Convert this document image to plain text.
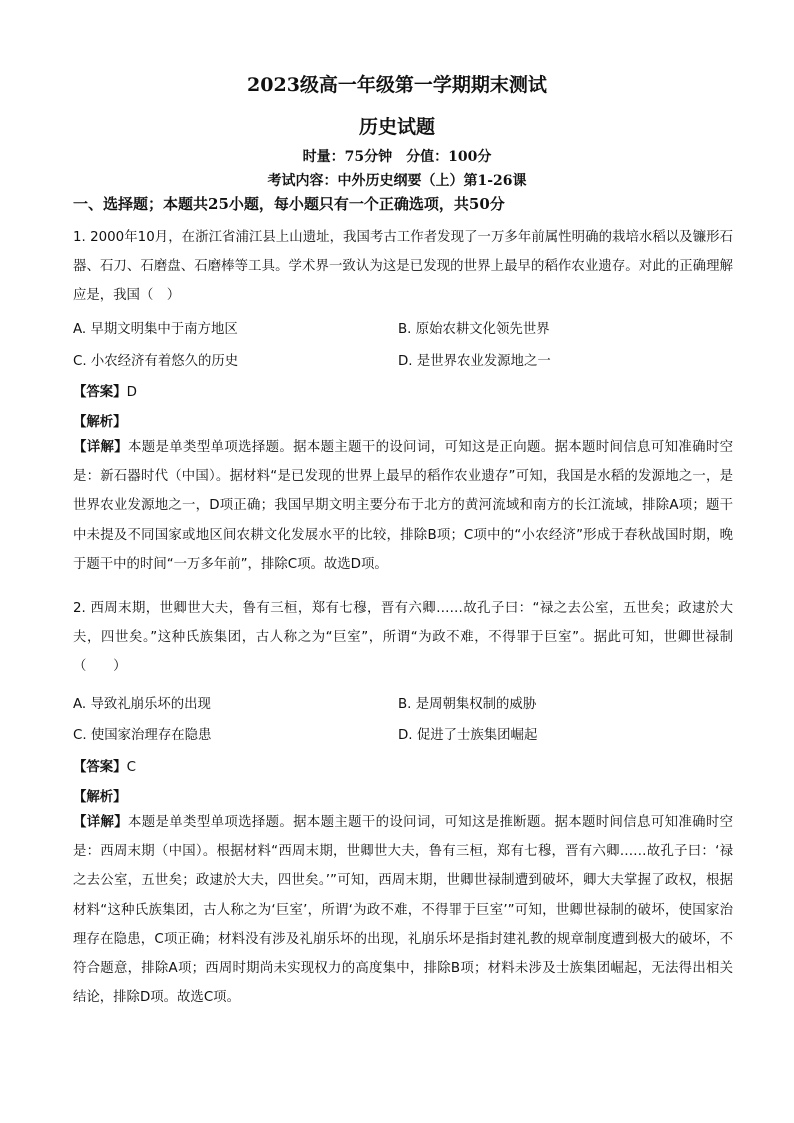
2023级高一年级第一学期期末测试
历史试题
时量：75分钟　分值：100分
考试内容：中外历史纲要（上）第1-26课
一、选择题；本题共25小题，每小题只有一个正确选项，共50分

1. 2000年10月，在浙江省浦江县上山遗址，我国考古工作者发现了一万多年前属性明确的栽培水稻以及镰形石器、石刀、石磨盘、石磨棒等工具。学术界一致认为这是已发现的世界上最早的稻作农业遗存。对此的正确理解应是，我国（　）

A. 早期文明集中于南方地区	B. 原始农耕文化领先世界
C. 小农经济有着悠久的历史	D. 是世界农业发源地之一
【答案】D
【解析】

【详解】本题是单类型单项选择题。据本题主题干的设问词，可知这是正向题。据本题时间信息可知准确时空是：新石器时代（中国）。据材料“是已发现的世界上最早的稻作农业遗存”可知，我国是水稻的发源地之一，是世界农业发源地之一，D项正确；我国早期文明主要分布于北方的黄河流域和南方的长江流域，排除A项；题干中未提及不同国家或地区间农耕文化发展水平的比较，排除B项；C项中的“小农经济”形成于春秋战国时期，晚于题干中的时间“一万多年前”，排除C项。故选D项。

2. 西周末期，世卿世大夫，鲁有三桓，郑有七穆，晋有六卿……故孔子曰：“禄之去公室，五世矣；政逮於大夫，四世矣。”这种氏族集团，古人称之为“巨室”，所谓“为政不难，不得罪于巨室”。据此可知，世卿世禄制（　　）

A. 导致礼崩乐坏的出现	B. 是周朝集权制的威胁
C. 使国家治理存在隐患	D. 促进了士族集团崛起
【答案】C
【解析】

【详解】本题是单类型单项选择题。据本题主题干的设问词，可知这是推断题。据本题时间信息可知准确时空是：西周末期（中国）。根据材料“西周末期，世卿世大夫，鲁有三桓，郑有七穆，晋有六卿……故孔子曰：‘禄之去公室，五世矣；政逮於大夫，四世矣。’”可知，西周末期，世卿世禄制遭到破坏，卿大夫掌握了政权，根据材料“这种氏族集团，古人称之为‘巨室’，所谓‘为政不难，不得罪于巨室’”可知，世卿世禄制的破坏，使国家治理存在隐患，C项正确；材料没有涉及礼崩乐坏的出现，礼崩乐坏是指封建礼教的规章制度遭到极大的破坏，不符合题意，排除A项；西周时期尚未实现权力的高度集中，排除B项；材料未涉及士族集团崛起，无法得出相关结论，排除D项。故选C项。
